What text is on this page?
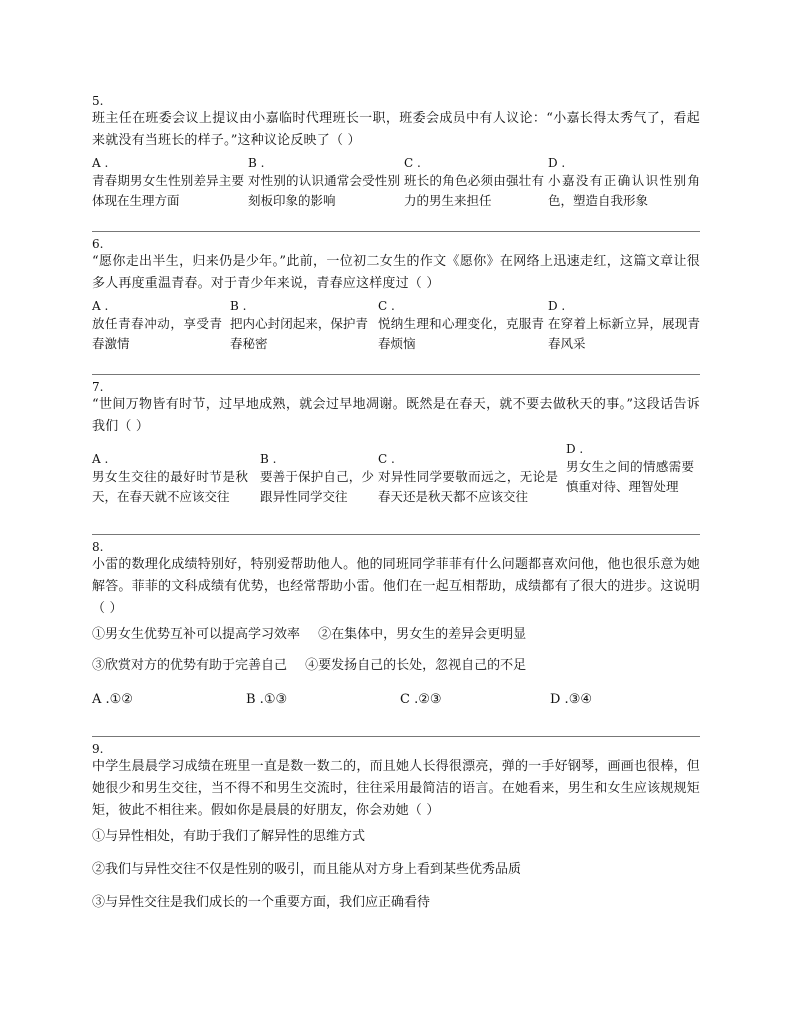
5.
班主任在班委会议上提议由小嘉临时代理班长一职，班委会成员中有人议论：“小嘉长得太秀气了，看起来就没有当班长的样子。”这种议论反映了（ ）
A .
青春期男女生性别差异主要体现在生理方面
B .
对性别的认识通常会受性别刻板印象的影响
C .
班长的角色必须由强壮有力的男生来担任
D .
小嘉没有正确认识性别角色，塑造自我形象
6.
“愿你走出半生，归来仍是少年。”此前，一位初二女生的作文《愿你》在网络上迅速走红，这篇文章让很多人再度重温青春。对于青少年来说，青春应这样度过（ ）
A .
放任青春冲动，享受青春激情
B .
把内心封闭起来，保护青春秘密
C .
悦纳生理和心理变化，克服青春烦恼
D .
在穿着上标新立异，展现青春风采
7.
“世间万物皆有时节，过早地成熟，就会过早地凋谢。既然是在春天，就不要去做秋天的事。”这段话告诉我们（ ）
A .
男女生交往的最好时节是秋天，在春天就不应该交往
B .
要善于保护自己，少跟异性同学交往
C .
对异性同学要敬而远之，无论是春天还是秋天都不应该交往
D .
男女生之间的情感需要慎重对待、理智处理
8.
小雷的数理化成绩特别好，特别爱帮助他人。他的同班同学菲菲有什么问题都喜欢问他，他也很乐意为她解答。菲菲的文科成绩有优势，也经常帮助小雷。他们在一起互相帮助，成绩都有了很大的进步。这说明（ ）
①男女生优势互补可以提高学习效率 ②在集体中，男女生的差异会更明显
③欣赏对方的优势有助于完善自己 ④要发扬自己的长处，忽视自己的不足
A .①②	B .①③	C .②③	D .③④
9.
中学生晨晨学习成绩在班里一直是数一数二的，而且她人长得很漂亮，弹的一手好钢琴，画画也很棒，但她很少和男生交往，当不得不和男生交流时，往往采用最简洁的语言。在她看来，男生和女生应该规规矩矩，彼此不相往来。假如你是晨晨的好朋友，你会劝她（ ）
①与异性相处，有助于我们了解异性的思维方式
②我们与异性交往不仅是性别的吸引，而且能从对方身上看到某些优秀品质
③与异性交往是我们成长的一个重要方面，我们应正确看待
